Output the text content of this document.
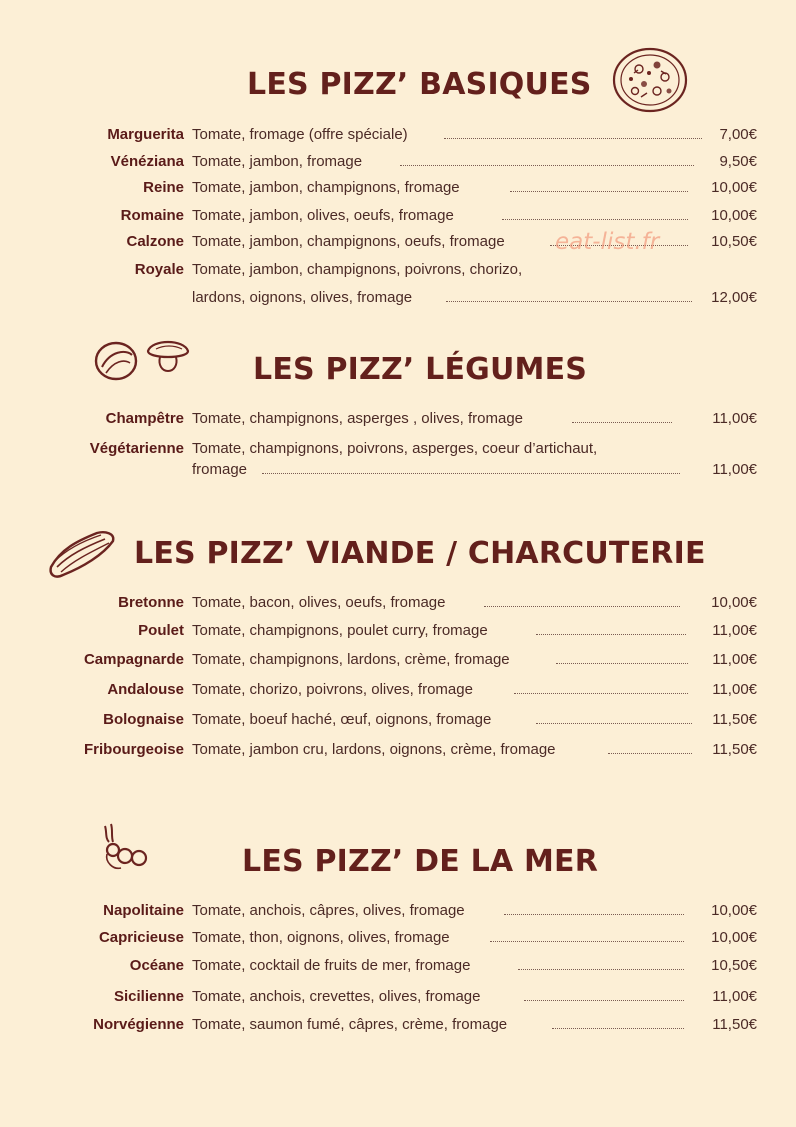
LES PIZZ’ BASIQUES
LES PIZZ’ LÉGUMES
LES PIZZ’ VIANDE / CHARCUTERIE
LES PIZZ’ DE LA MER
Marguerita Tomate, fromage (offre spéciale)	7,00€
Vénéziana Tomate, jambon, fromage	9,50€
Reine Tomate, jambon, champignons, fromage	10,00€
Romaine Tomate, jambon, olives, oeufs, fromage	10,00€
Calzone Tomate, jambon, champignons, oeufs, fromage	10,50€
Royale Tomate, jambon, champignons, poivrons, chorizo,
lardons, oignons, olives, fromage	12,00€
Champêtre Tomate, champignons, asperges , olives, fromage	11,00€
Végétarienne Tomate, champignons, poivrons, asperges, coeur d’artichaut,
fromage	11,00€
Bretonne Tomate, bacon, olives, oeufs, fromage	10,00€
Poulet Tomate, champignons, poulet curry, fromage	11,00€
Campagnarde Tomate, champignons, lardons, crème, fromage	11,00€
Andalouse Tomate, chorizo, poivrons, olives, fromage	11,00€
Bolognaise Tomate, boeuf haché, œuf, oignons, fromage	11,50€
Fribourgeoise Tomate, jambon cru, lardons, oignons, crème, fromage	11,50€
Napolitaine Tomate, anchois, câpres, olives, fromage	10,00€
Capricieuse Tomate, thon, oignons, olives, fromage	10,00€
Océane Tomate, cocktail de fruits de mer, fromage	10,50€
Sicilienne Tomate, anchois, crevettes, olives, fromage	11,00€
Norvégienne Tomate, saumon fumé, câpres, crème, fromage	11,50€
eat-list.fr
